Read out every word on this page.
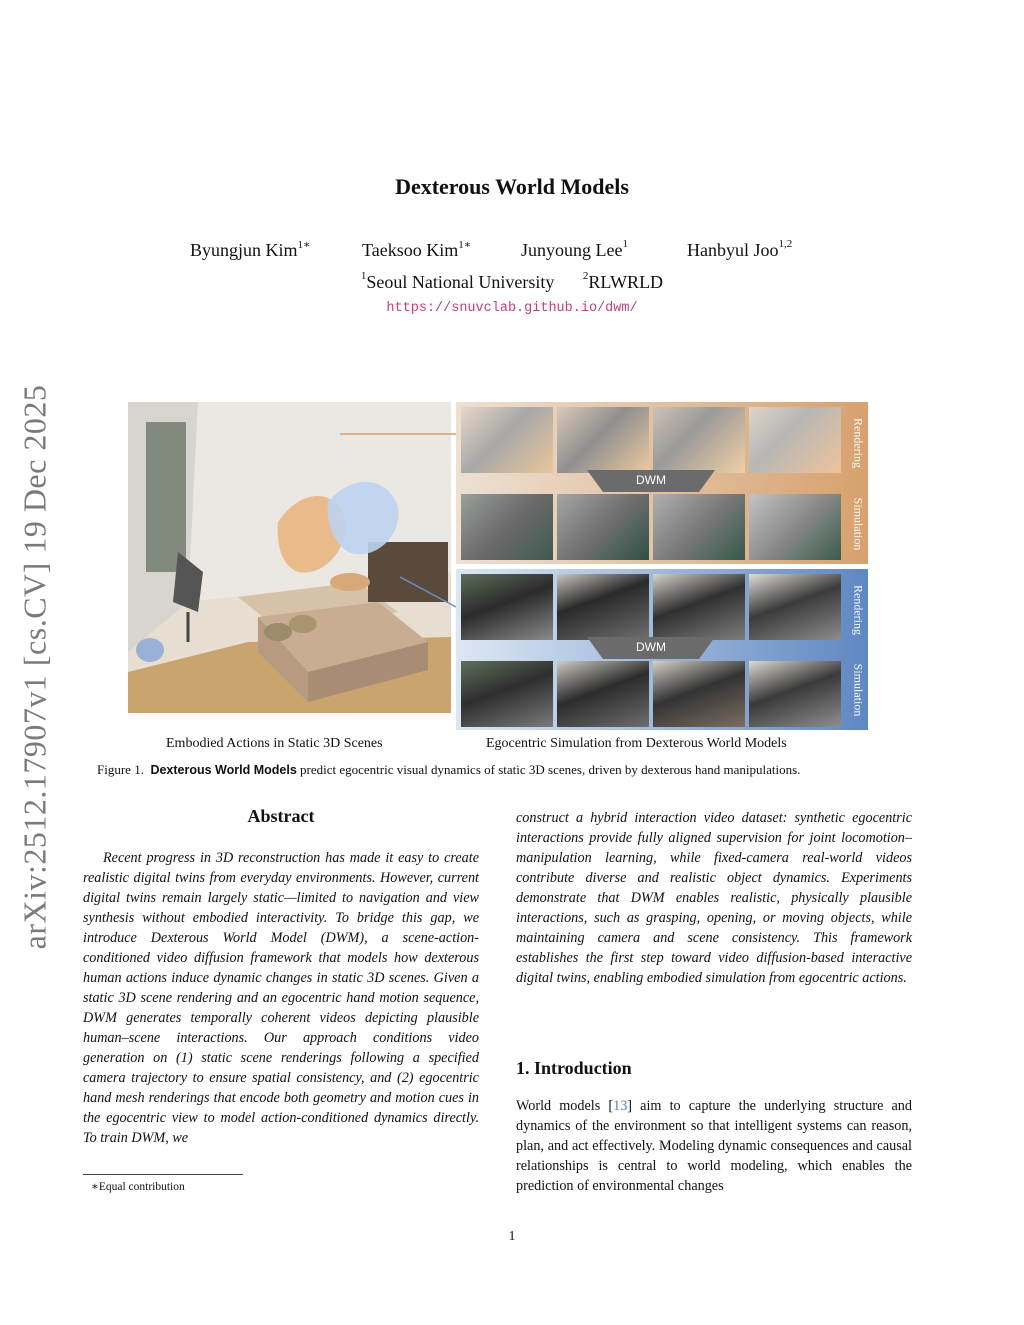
arXiv:2512.17907v1 [cs.CV] 19 Dec 2025
Dexterous World Models
Byungjun Kim$^{1∗}$	Taeksoo Kim$^{1∗}$	Junyoung Lee$^1$	Hanbyul Joo$^{1,2}$
$^1$Seoul National University	$^2$RLWRLD
https://snuvclab.github.io/dwm/
DWM
Rendering
Simulation
DWM
Rendering
Simulation
Embodied Actions in Static 3D Scenes	Egocentric Simulation from Dexterous World Models
Figure 1. Dexterous World Models predict egocentric visual dynamics of static 3D scenes, driven by dexterous hand manipulations.
Abstract
Recent progress in 3D reconstruction has made it easy to create realistic digital twins from everyday environments. However, current digital twins remain largely static—limited to navigation and view synthesis without embodied interactivity. To bridge this gap, we introduce Dexterous World Model (DWM), a scene-action-conditioned video diffusion framework that models how dexterous human actions induce dynamic changes in static 3D scenes. Given a static 3D scene rendering and an egocentric hand motion sequence, DWM generates temporally coherent videos depicting plausible human–scene interactions. Our approach conditions video generation on (1) static scene renderings following a specified camera trajectory to ensure spatial consistency, and (2) egocentric hand mesh renderings that encode both geometry and motion cues in the egocentric view to model action-conditioned dynamics directly. To train DWM, we
construct a hybrid interaction video dataset: synthetic egocentric interactions provide fully aligned supervision for joint locomotion–manipulation learning, while fixed-camera real-world videos contribute diverse and realistic object dynamics. Experiments demonstrate that DWM enables realistic, physically plausible interactions, such as grasping, opening, or moving objects, while maintaining camera and scene consistency. This framework establishes the first step toward video diffusion-based interactive digital twins, enabling embodied simulation from egocentric actions.
1. Introduction
World models [13] aim to capture the underlying structure and dynamics of the environment so that intelligent systems can reason, plan, and act effectively. Modeling dynamic consequences and causal relationships is central to world modeling, which enables the prediction of environmental changes
∗Equal contribution
1
